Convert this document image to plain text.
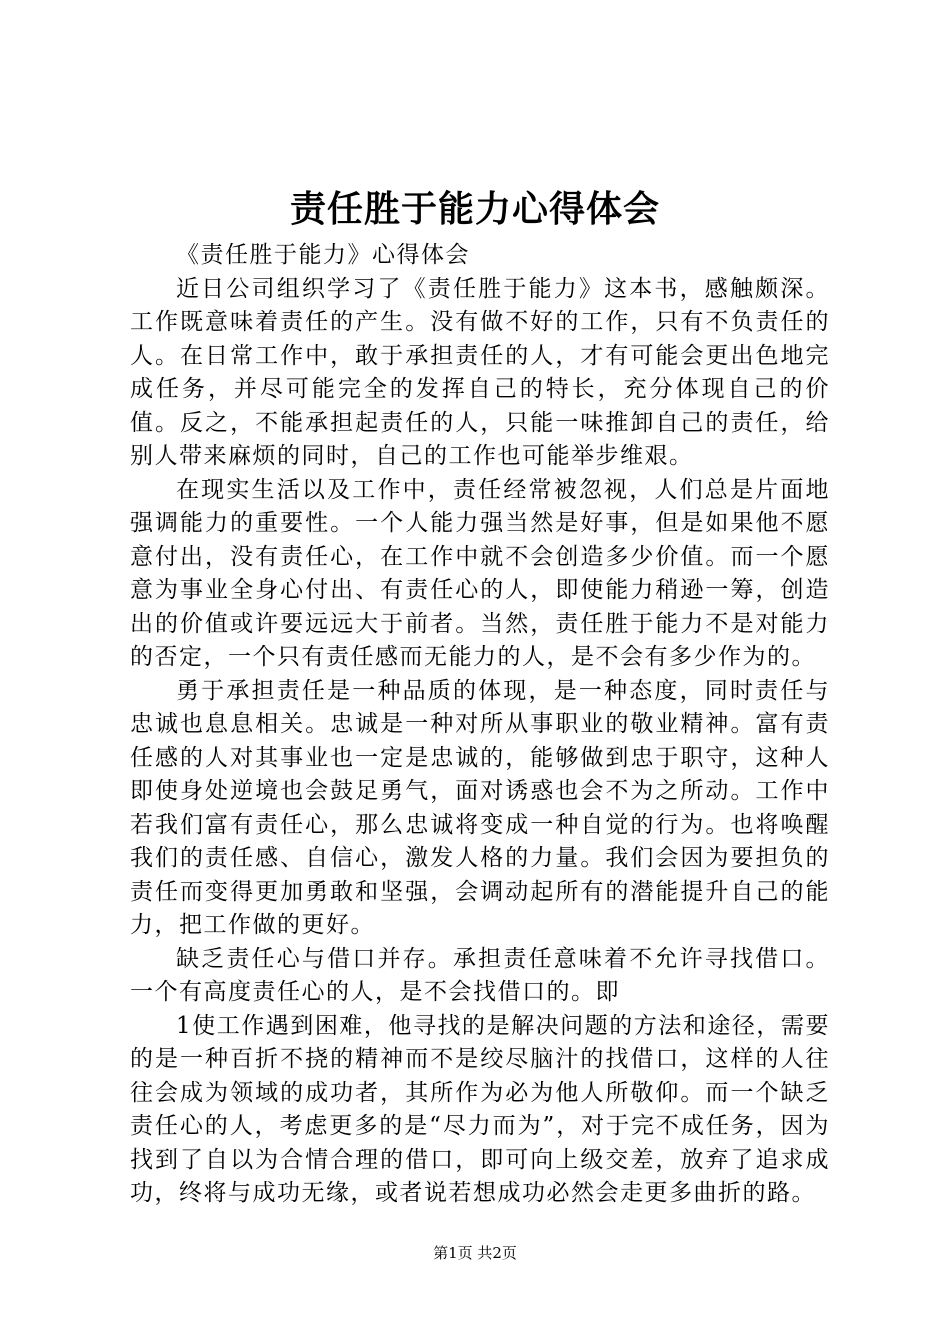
责任胜于能力心得体会

《责任胜于能力》心得体会

近日公司组织学习了《责任胜于能力》这本书，感触颇深。工作既意味着责任的产生。没有做不好的工作，只有不负责任的人。在日常工作中，敢于承担责任的人，才有可能会更出色地完成任务，并尽可能完全的发挥自己的特长，充分体现自己的价值。反之，不能承担起责任的人，只能一味推卸自己的责任，给别人带来麻烦的同时，自己的工作也可能举步维艰。

在现实生活以及工作中，责任经常被忽视，人们总是片面地强调能力的重要性。一个人能力强当然是好事，但是如果他不愿意付出，没有责任心，在工作中就不会创造多少价值。而一个愿意为事业全身心付出、有责任心的人，即使能力稍逊一筹，创造出的价值或许要远远大于前者。当然，责任胜于能力不是对能力的否定，一个只有责任感而无能力的人，是不会有多少作为的。

勇于承担责任是一种品质的体现，是一种态度，同时责任与忠诚也息息相关。忠诚是一种对所从事职业的敬业精神。富有责任感的人对其事业也一定是忠诚的，能够做到忠于职守，这种人即使身处逆境也会鼓足勇气，面对诱惑也会不为之所动。工作中若我们富有责任心，那么忠诚将变成一种自觉的行为。也将唤醒我们的责任感、自信心，激发人格的力量。我们会因为要担负的责任而变得更加勇敢和坚强，会调动起所有的潜能提升自己的能力，把工作做的更好。

缺乏责任心与借口并存。承担责任意味着不允许寻找借口。一个有高度责任心的人，是不会找借口的。即

1使工作遇到困难，他寻找的是解决问题的方法和途径，需要的是一种百折不挠的精神而不是绞尽脑汁的找借口，这样的人往往会成为领域的成功者，其所作为必为他人所敬仰。而一个缺乏责任心的人，考虑更多的是“尽力而为”，对于完不成任务，因为找到了自以为合情合理的借口，即可向上级交差，放弃了追求成功，终将与成功无缘，或者说若想成功必然会走更多曲折的路。

第1页 共2页
